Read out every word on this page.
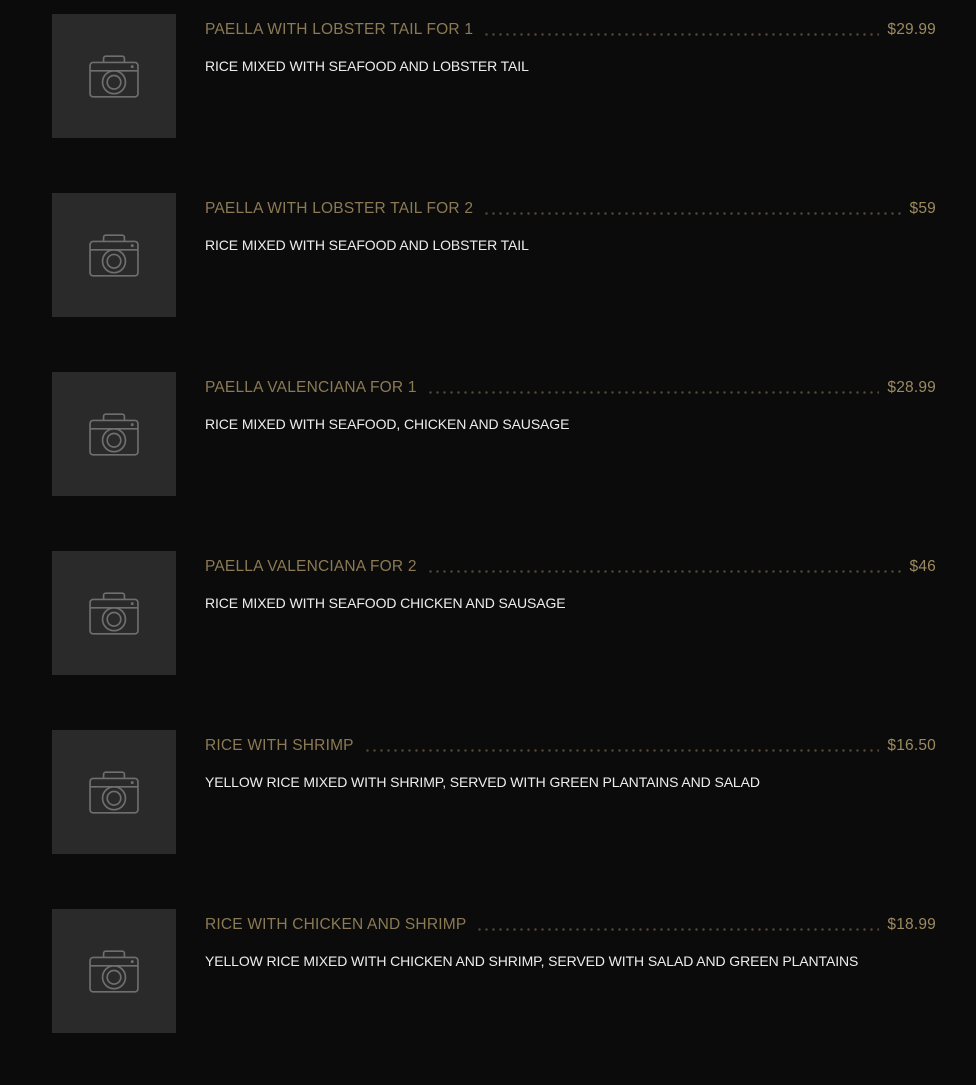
PAELLA WITH LOBSTER TAIL FOR 1	$29.99
RICE MIXED WITH SEAFOOD AND LOBSTER TAIL
PAELLA WITH LOBSTER TAIL FOR 2	$59
RICE MIXED WITH SEAFOOD AND LOBSTER TAIL
PAELLA VALENCIANA FOR 1	$28.99
RICE MIXED WITH SEAFOOD, CHICKEN AND SAUSAGE
PAELLA VALENCIANA FOR 2	$46
RICE MIXED WITH SEAFOOD CHICKEN AND SAUSAGE
RICE WITH SHRIMP	$16.50
YELLOW RICE MIXED WITH SHRIMP, SERVED WITH GREEN PLANTAINS AND SALAD
RICE WITH CHICKEN AND SHRIMP	$18.99
YELLOW RICE MIXED WITH CHICKEN AND SHRIMP, SERVED WITH SALAD AND GREEN PLANTAINS
